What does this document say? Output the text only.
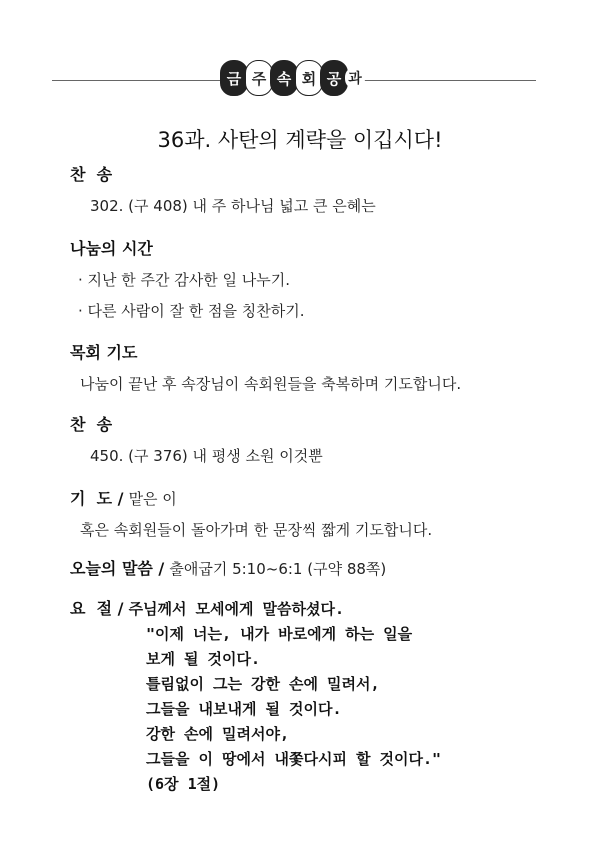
금 주 속 회 공 과
36과. 사탄의 계략을 이깁시다!
찬  송
302. (구 408) 내 주 하나님 넓고 큰 은혜는
나눔의 시간
· 지난 한 주간 감사한 일 나누기.
· 다른 사람이 잘 한 점을 칭찬하기.
목회 기도
나눔이 끝난 후 속장님이 속회원들을 축복하며 기도합니다.
찬  송
450. (구 376) 내 평생 소원 이것뿐
기  도 / 맡은 이
혹은 속회원들이 돌아가며 한 문장씩 짧게 기도합니다.
오늘의 말씀 / 출애굽기 5:10~6:1 (구약 88쪽)
요  절 / 주님께서 모세에게 말씀하셨다.
"이제 너는, 내가 바로에게 하는 일을
보게 될 것이다.
틀림없이 그는 강한 손에 밀려서,
그들을 내보내게 될 것이다.
강한 손에 밀려서야,
그들을 이 땅에서 내쫓다시피 할 것이다."
(6장 1절)
